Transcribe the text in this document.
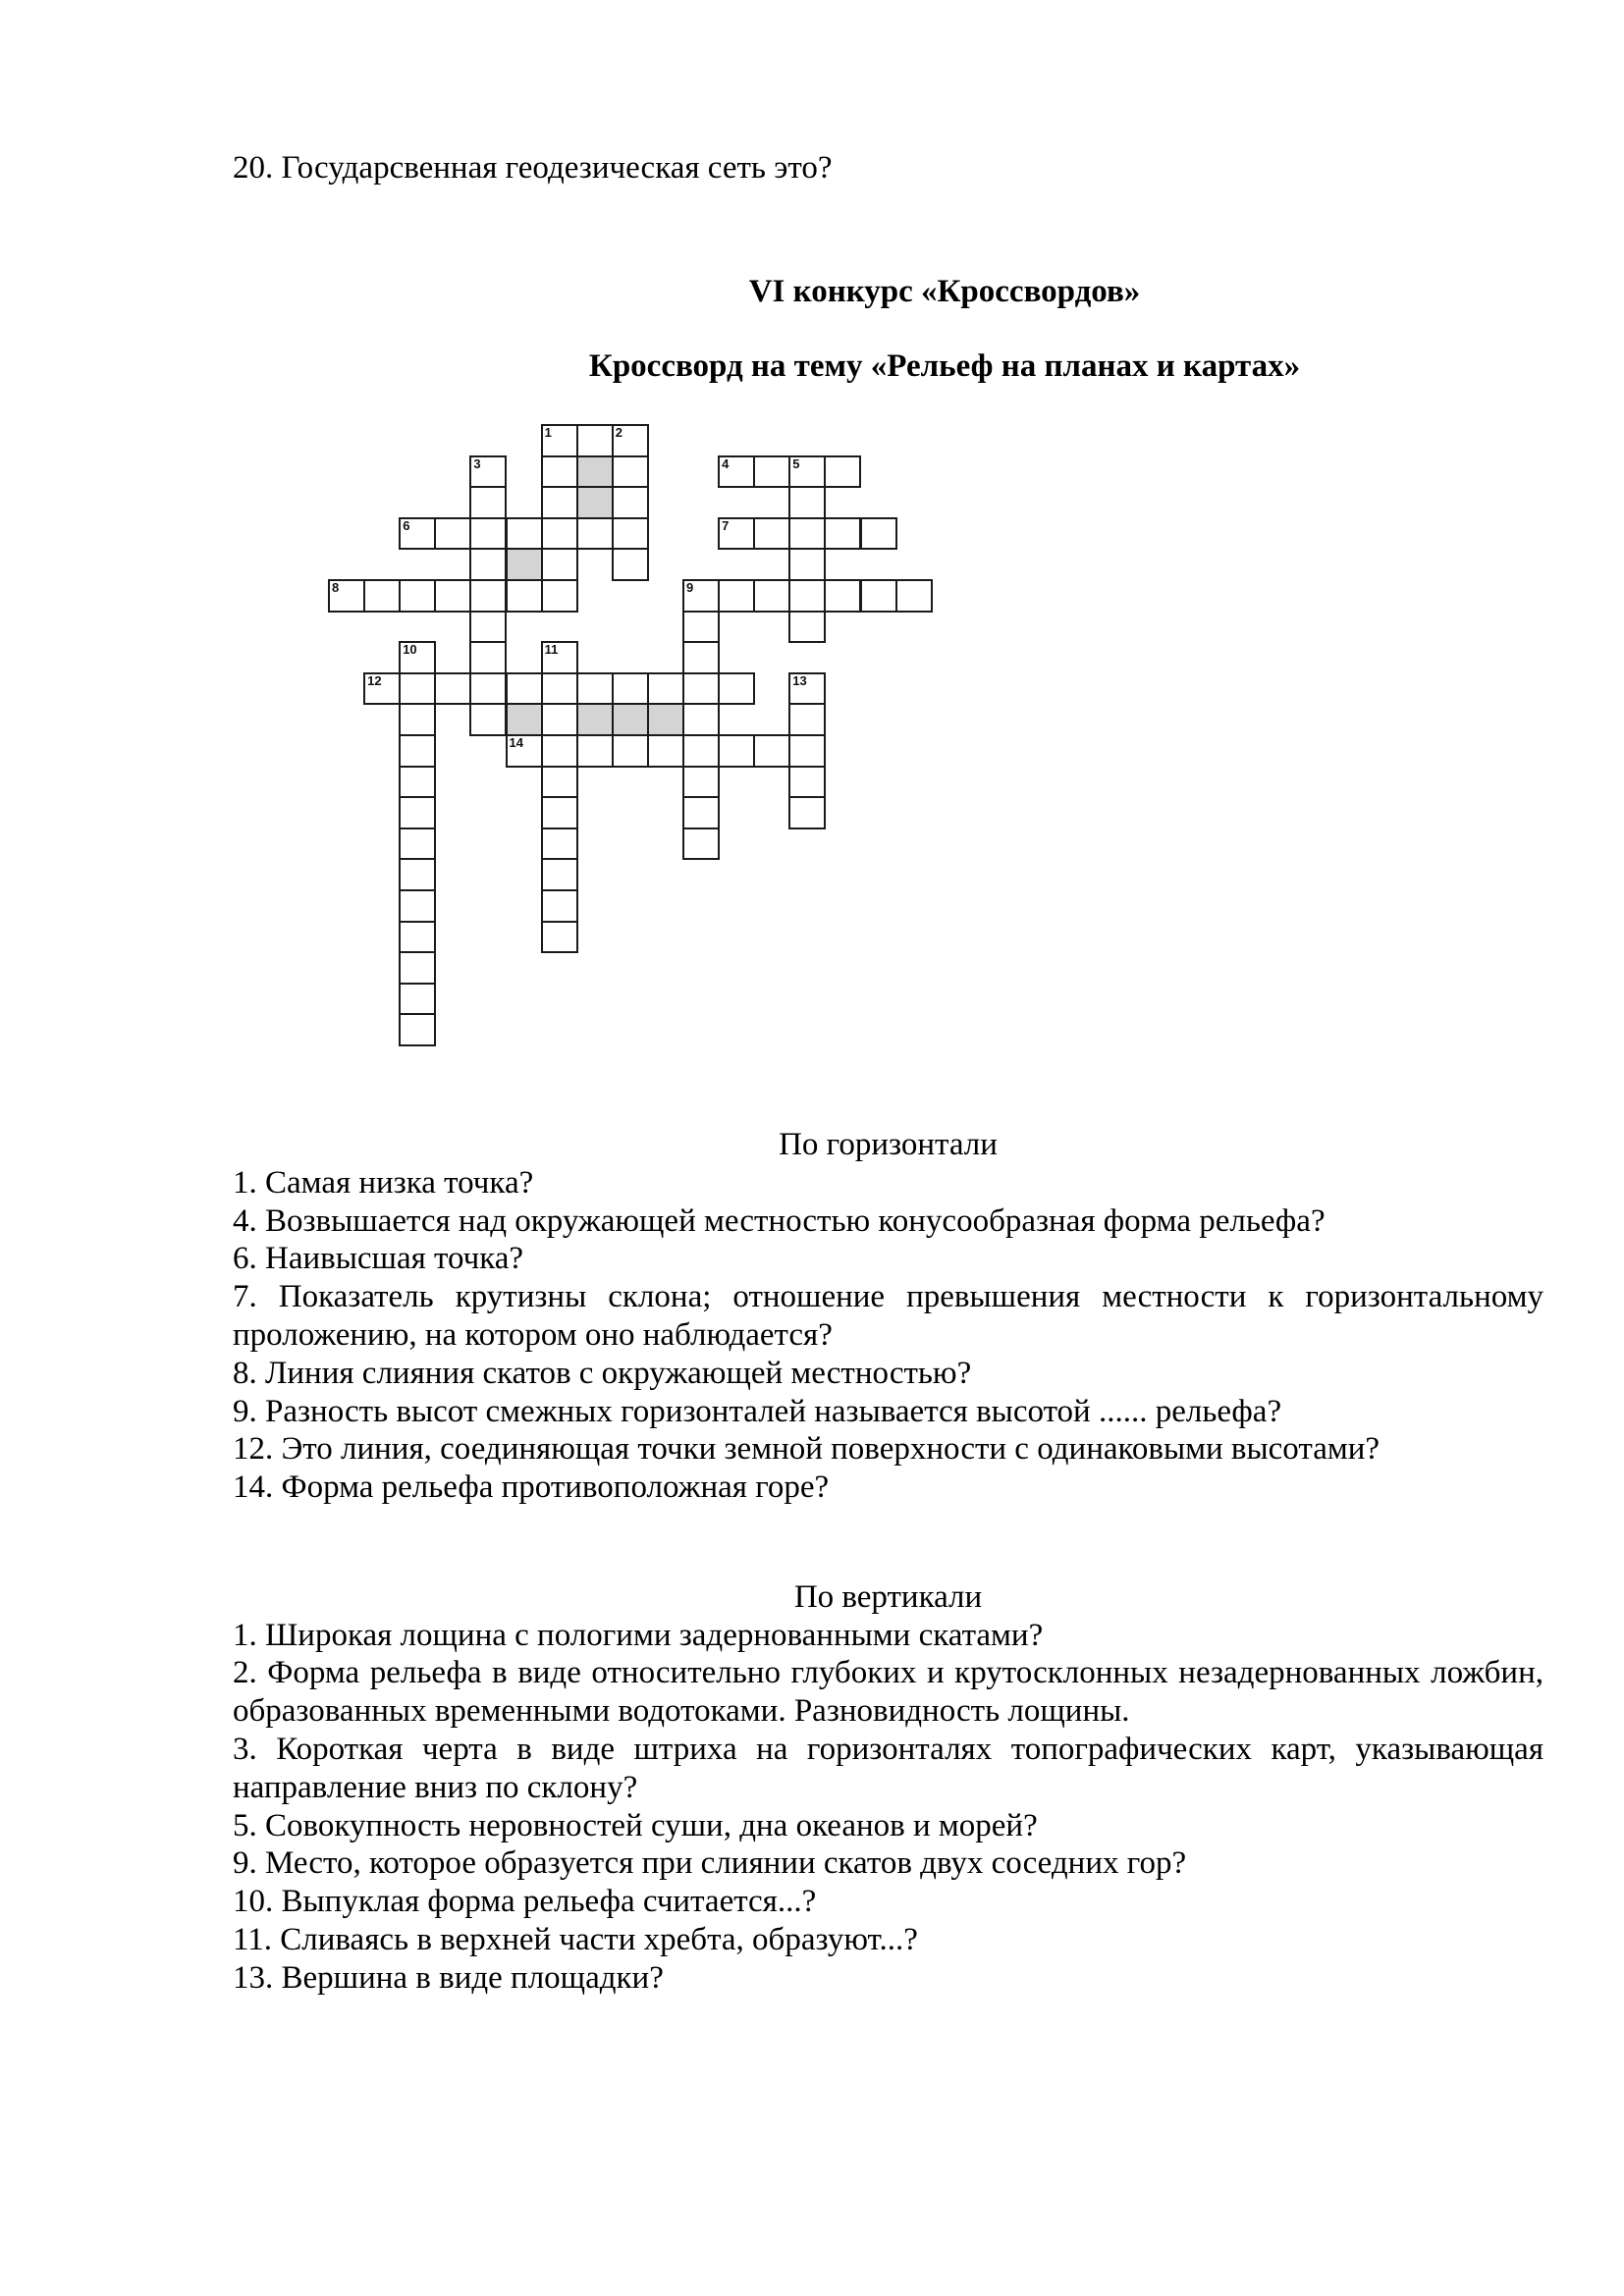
20. Государсвенная геодезическая сеть это?
VI конкурс «Кроссвордов»
Кроссворд на тему «Рельеф на планах и картах»
1	2
3	4	5
6	7
8	9
10	11
12	13
14
По горизонтали
1. Самая низка точка?
4. Возвышается над окружающей местностью конусообразная форма рельефа?
6. Наивысшая точка?
7. Показатель крутизны склона; отношение превышения местности к горизонтальному
проложению, на котором оно наблюдается?
8. Линия слияния скатов с окружающей местностью?
9. Разность высот смежных горизонталей называется высотой ...... рельефа?
12. Это линия, соединяющая точки земной поверхности с одинаковыми высотами?
14. Форма рельефа противоположная горе?
По вертикали
1. Широкая лощина с пологими задернованными скатами?
2. Форма рельефа в виде относительно глубоких и крутосклонных незадернованных ложбин,
образованных временными водотоками. Разновидность лощины.
3. Короткая черта в виде штриха на горизонталях топографических карт, указывающая
направление вниз по склону?
5. Совокупность неровностей суши, дна океанов и морей?
9. Место, которое образуется при слиянии скатов двух соседних гор?
10. Выпуклая форма рельефа считается...?
11. Сливаясь в верхней части хребта, образуют...?
13. Вершина в виде площадки?
